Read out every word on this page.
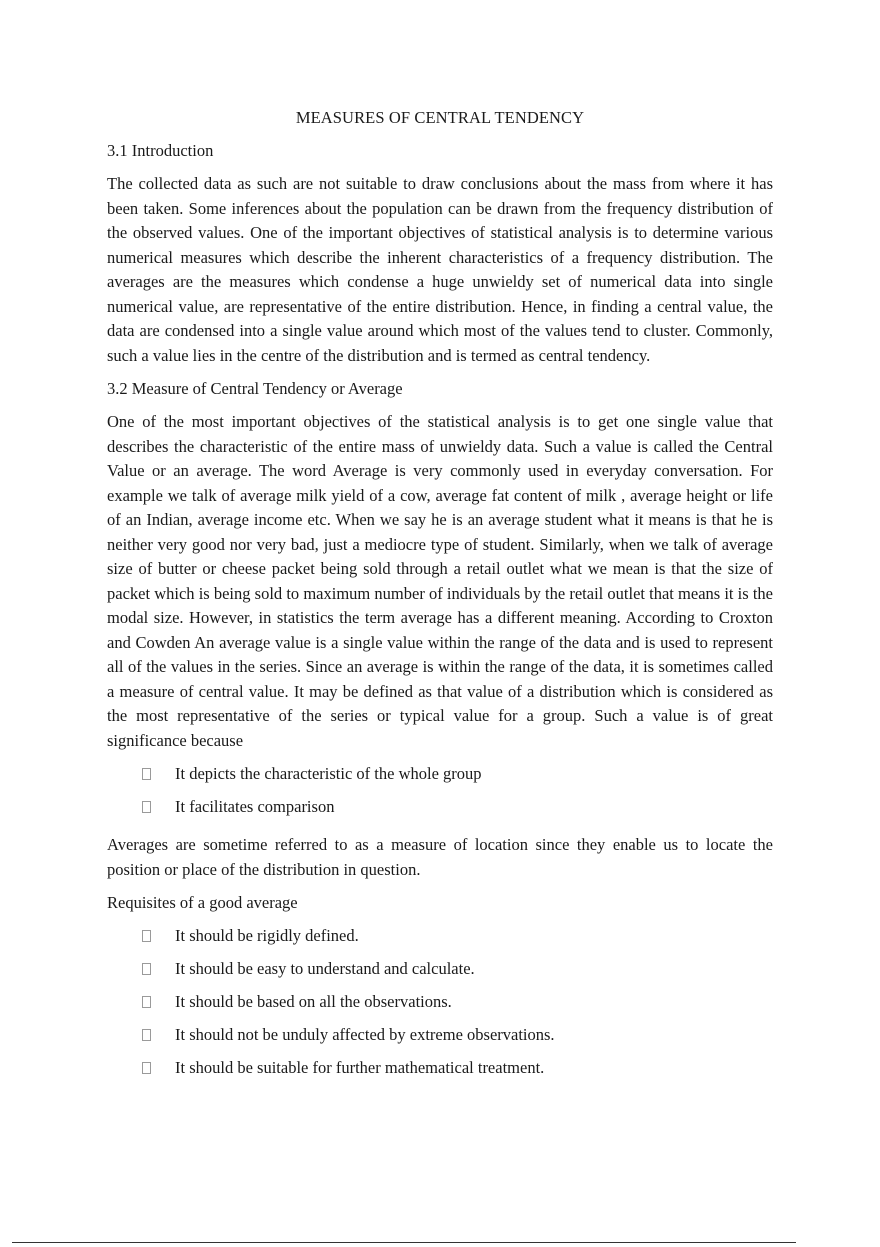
MEASURES OF CENTRAL TENDENCY
3.1 Introduction

The collected data as such are not suitable to draw conclusions about the mass from where it has been taken. Some inferences about the population can be drawn from the frequency distribution of the observed values. One of the important objectives of statistical analysis is to determine various numerical measures which describe the inherent characteristics of a frequency distribution. The averages are the measures which condense a huge unwieldy set of numerical data into single numerical value, are representative of the entire distribution. Hence, in finding a central value, the data are condensed into a single value around which most of the values tend to cluster. Commonly, such a value lies in the centre of the distribution and is termed as central tendency.

3.2 Measure of Central Tendency or Average

One of the most important objectives of the statistical analysis is to get one single value that describes the characteristic of the entire mass of unwieldy data. Such a value is called the Central Value or an average. The word Average is very commonly used in everyday conversation. For example we talk of average milk yield of a cow, average fat content of milk , average height or life of an Indian, average income etc. When we say he is an average student what it means is that he is neither very good nor very bad, just a mediocre type of student. Similarly, when we talk of average size of butter or cheese packet being sold through a retail outlet what we mean is that the size of packet which is being sold to maximum number of individuals by the retail outlet that means it is the modal size. However, in statistics the term average has a different meaning. According to Croxton and Cowden An average value is a single value within the range of the data and is used to represent all of the values in the series. Since an average is within the range of the data, it is sometimes called a measure of central value. It may be defined as that value of a distribution which is considered as the most representative of the series or typical value for a group. Such a value is of great significance because

It depicts the characteristic of the whole group
It facilitates comparison

Averages are sometime referred to as a measure of location since they enable us to locate the position or place of the distribution in question.

Requisites of a good average
It should be rigidly defined.
It should be easy to understand and calculate.
It should be based on all the observations.
It should not be unduly affected by extreme observations.
It should be suitable for further mathematical treatment.
